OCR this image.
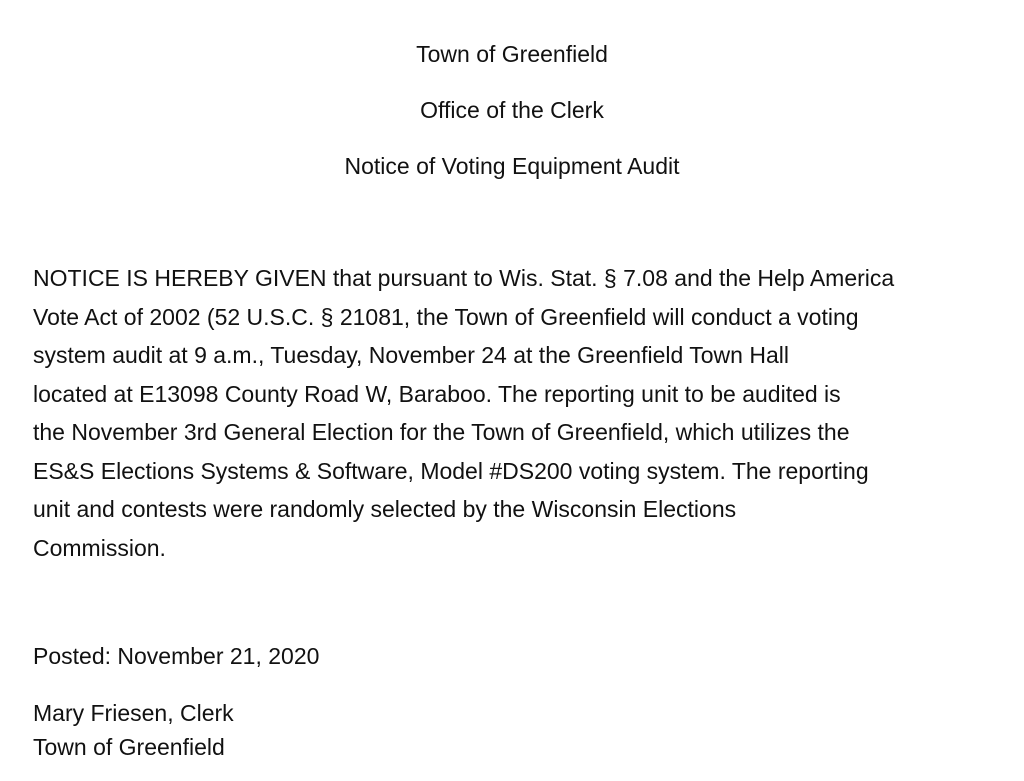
Town of Greenfield
Office of the Clerk
Notice of Voting Equipment Audit

NOTICE IS HEREBY GIVEN that pursuant to Wis. Stat. § 7.08 and the Help America
Vote Act of 2002 (52 U.S.C. § 21081, the Town of Greenfield will conduct a voting
system audit at 9 a.m., Tuesday, November 24 at the Greenfield Town Hall
located at E13098 County Road W, Baraboo. The reporting unit to be audited is
the November 3rd General Election for the Town of Greenfield, which utilizes the
ES&S Elections Systems & Software, Model #DS200 voting system. The reporting
unit and contests were randomly selected by the Wisconsin Elections
Commission.

Posted: November 21, 2020

Mary Friesen, Clerk
Town of Greenfield
